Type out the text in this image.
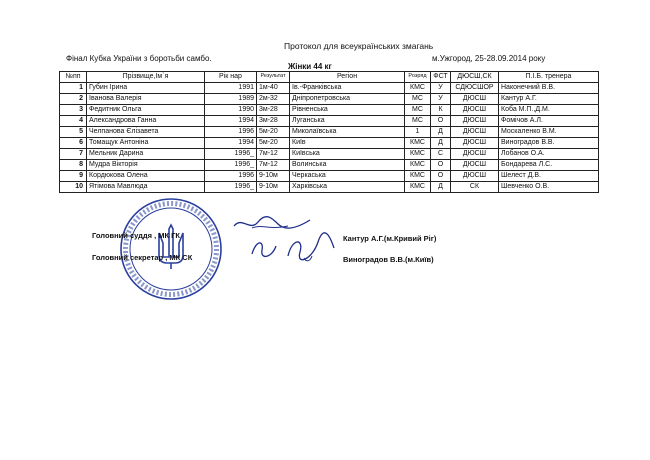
Протокол для всеукраїнських змагань
Фінал Кубка України з боротьби самбо.	м.Ужгород, 25-28.09.2014 року
Жінки 44 кг
№пп	Прізвище,Ім`я	Рік нар	Результат	Регіон	Розряд	ФСТ	ДЮСШ,СК	П.І.Б. тренера
1	Губин Ірина	1991	1м-40	Ів.-Франківська	КМС	У	СДЮСШОР	Наконечний В.В.
2	Іванова Валерія	1989	2м-32	Дніпропетровська	МС	У	ДЮСШ	Кантур А.Г.
3	Федитник Ольга	1990	3м-28	Рівненська	МС	К	ДЮСШ	Коба М.П.,Д.М.
4	Александрова Ганна	1994	3м-28	Луганська	МС	О	ДЮСШ	Фомічов А.Л.
5	Челпанова Єлізавета	1996	5м-20	Миколаївська	1	Д	ДЮСШ	Москаленко В.М.
6	Томащук Антоніна	1994	5м-20	Київ	КМС	Д	ДЮСШ	Виноградов В.В.
7	Мельник Дарина	1996_	7м-12	Київська	КМС	С	ДЮСШ	Лобанов О.А.
8	Мудра Вікторія	1996_	7м-12	Волинська	КМС	О	ДЮСШ	Бондарева Л.С.
9	Кордюкова Олена	1996	9-10м	Черкаська	КМС	О	ДЮСШ	Шелест Д.В.
10	Ятімова Мавлюда	1996_	9-10м	Харківська	КМС	Д	СК	Шевченко О.В.
Головний суддя , МК ГК
Головний секретар , МК СК
Кантур А.Г.(м.Кривий Ріг)
Виноградов В.В.(м.Київ)
